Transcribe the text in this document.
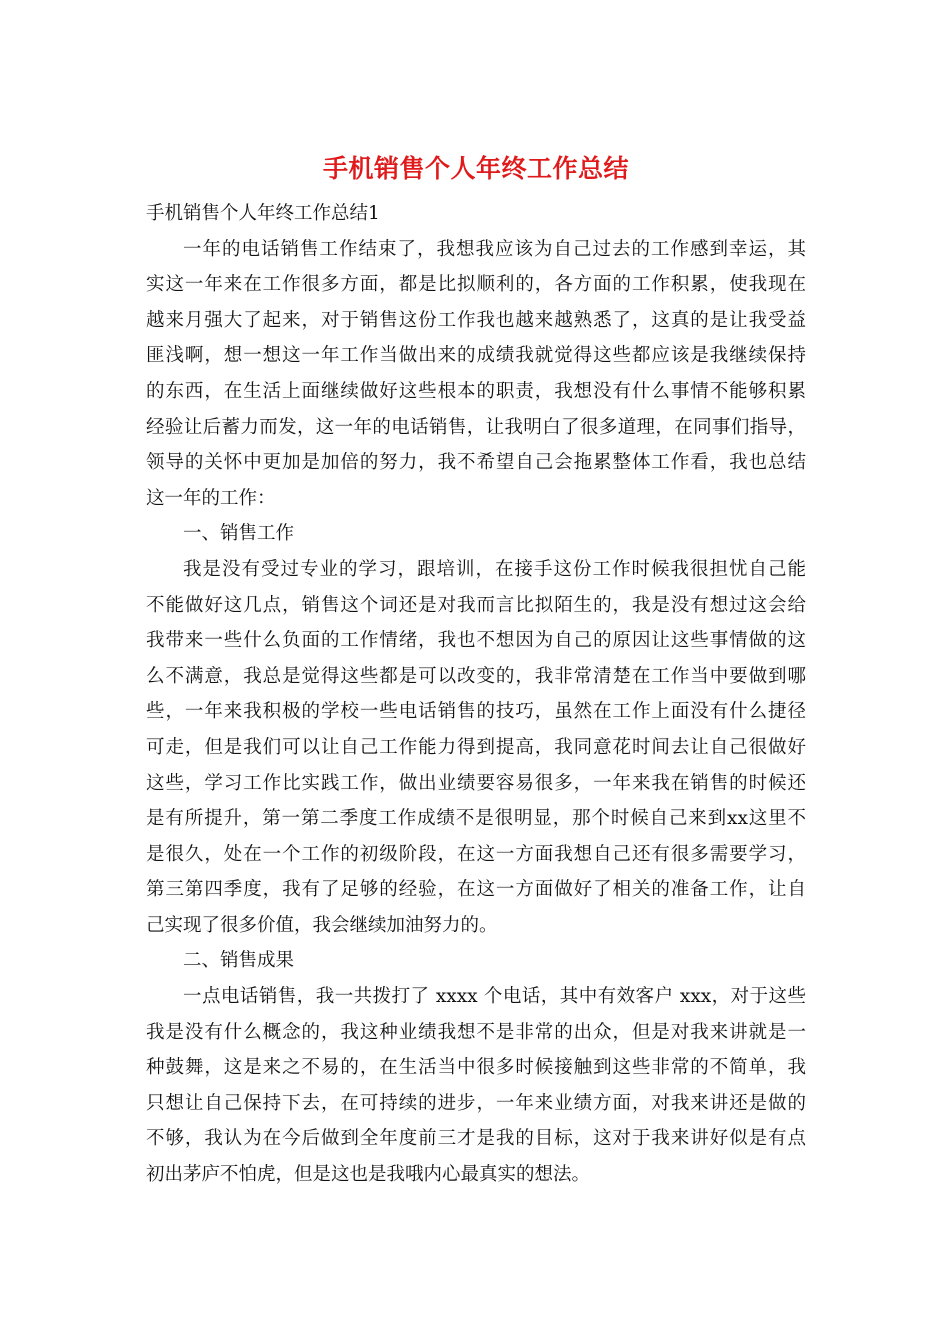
手机销售个人年终工作总结
手机销售个人年终工作总结1
一年的电话销售工作结束了，我想我应该为自己过去的工作感到幸运，其
实这一年来在工作很多方面，都是比拟顺利的，各方面的工作积累，使我现在
越来月强大了起来，对于销售这份工作我也越来越熟悉了，这真的是让我受益
匪浅啊，想一想这一年工作当做出来的成绩我就觉得这些都应该是我继续保持
的东西，在生活上面继续做好这些根本的职责，我想没有什么事情不能够积累
经验让后蓄力而发，这一年的电话销售，让我明白了很多道理，在同事们指导，
领导的关怀中更加是加倍的努力，我不希望自己会拖累整体工作看，我也总结
这一年的工作：
一、销售工作
我是没有受过专业的学习，跟培训，在接手这份工作时候我很担忧自己能
不能做好这几点，销售这个词还是对我而言比拟陌生的，我是没有想过这会给
我带来一些什么负面的工作情绪，我也不想因为自己的原因让这些事情做的这
么不满意，我总是觉得这些都是可以改变的，我非常清楚在工作当中要做到哪
些，一年来我积极的学校一些电话销售的技巧，虽然在工作上面没有什么捷径
可走，但是我们可以让自己工作能力得到提高，我同意花时间去让自己很做好
这些，学习工作比实践工作，做出业绩要容易很多，一年来我在销售的时候还
是有所提升，第一第二季度工作成绩不是很明显，那个时候自己来到xx这里不
是很久，处在一个工作的初级阶段，在这一方面我想自己还有很多需要学习，
第三第四季度，我有了足够的经验，在这一方面做好了相关的准备工作，让自
己实现了很多价值，我会继续加油努力的。
二、销售成果
一点电话销售，我一共拨打了 xxxx 个电话，其中有效客户 xxx，对于这些
我是没有什么概念的，我这种业绩我想不是非常的出众，但是对我来讲就是一
种鼓舞，这是来之不易的，在生活当中很多时候接触到这些非常的不简单，我
只想让自己保持下去，在可持续的进步，一年来业绩方面，对我来讲还是做的
不够，我认为在今后做到全年度前三才是我的目标，这对于我来讲好似是有点
初出茅庐不怕虎，但是这也是我哦内心最真实的想法。
